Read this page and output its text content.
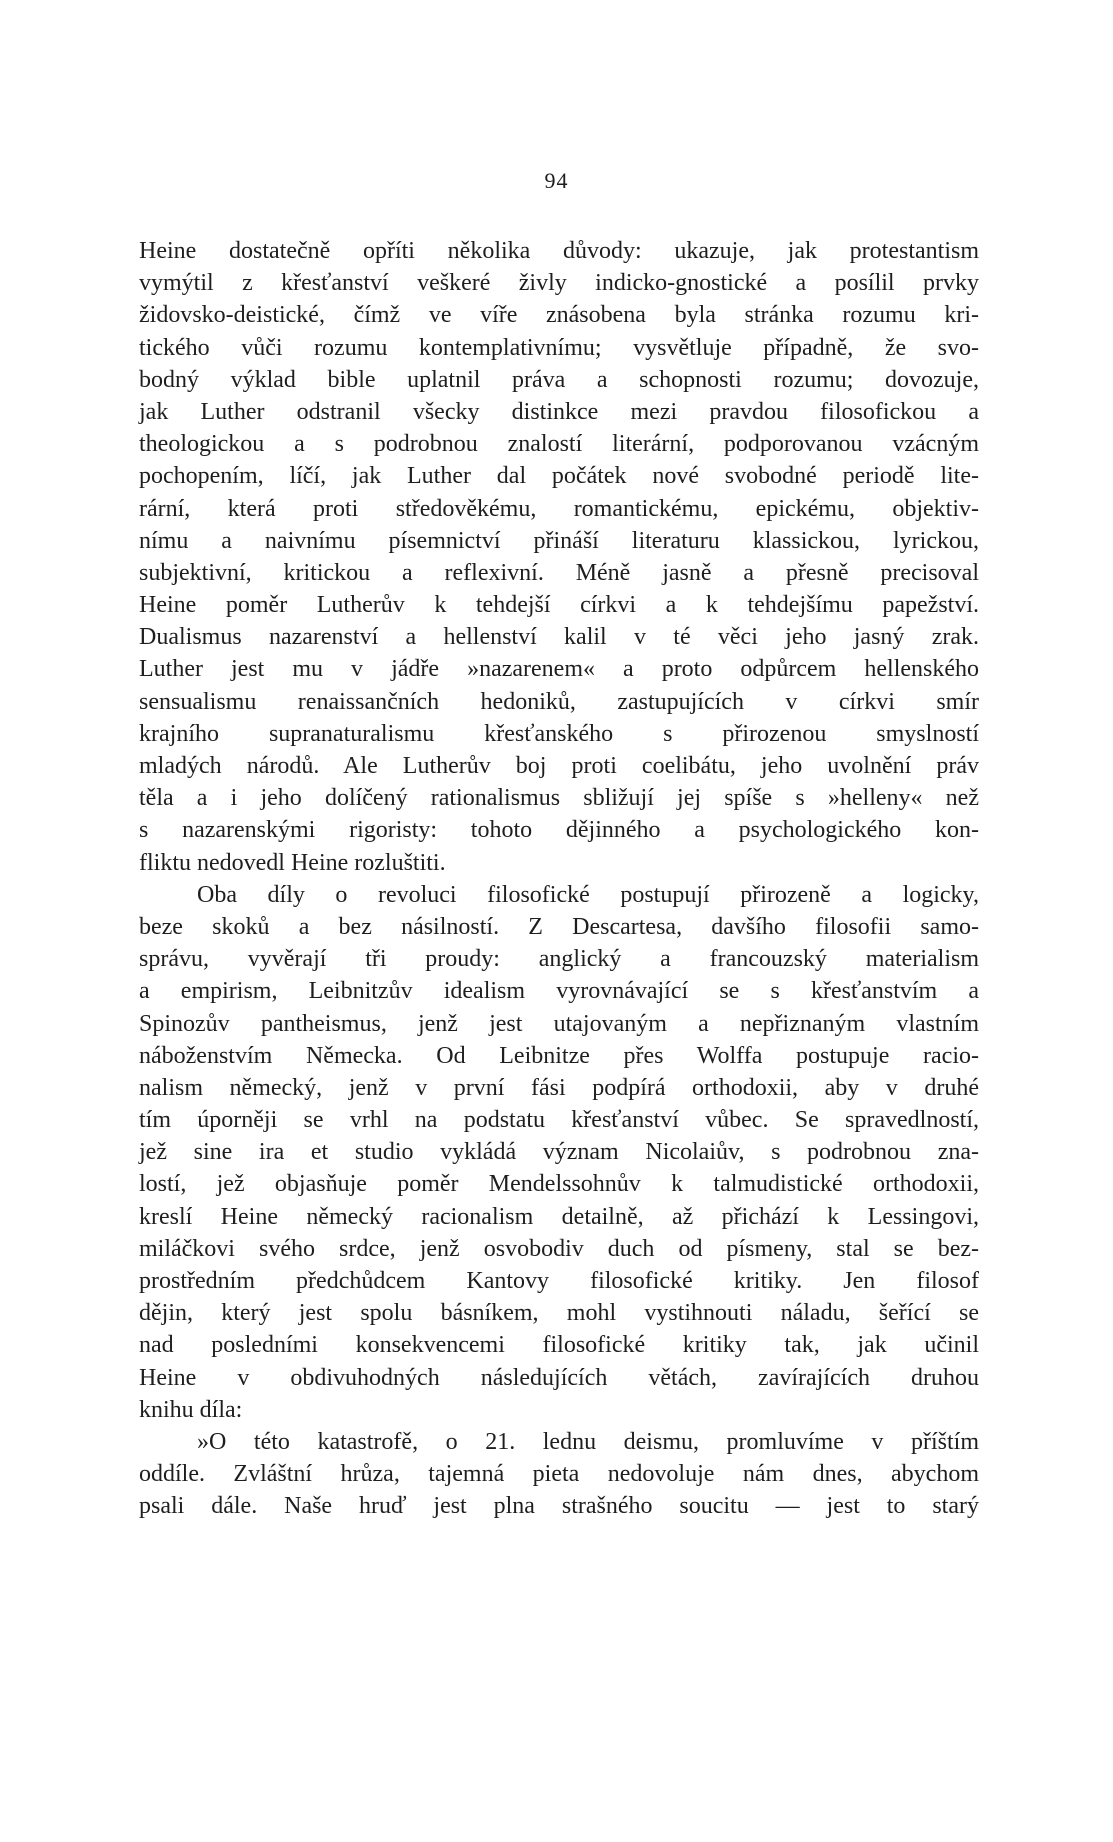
94
Heine dostatečně opříti několika důvody: ukazuje, jak protestantism
vymýtil z křesťanství veškeré živly indicko-gnostické a posílil prvky
židovsko-deistické, čímž ve víře znásobena byla stránka rozumu kri-
tického vůči rozumu kontemplativnímu; vysvětluje případně, že svo-
bodný výklad bible uplatnil práva a schopnosti rozumu; dovozuje,
jak Luther odstranil všecky distinkce mezi pravdou filosofickou a
theologickou a s podrobnou znalostí literární, podporovanou vzácným
pochopením, líčí, jak Luther dal počátek nové svobodné periodě lite-
rární, která proti středověkému, romantickému, epickému, objektiv-
nímu a naivnímu písemnictví přináší literaturu klassickou, lyrickou,
subjektivní, kritickou a reflexivní. Méně jasně a přesně precisoval
Heine poměr Lutherův k tehdejší církvi a k tehdejšímu papežství.
Dualismus nazarenství a hellenství kalil v té věci jeho jasný zrak.
Luther jest mu v jádře »nazarenem« a proto odpůrcem hellenského
sensualismu renaissančních hedoniků, zastupujících v církvi smír
krajního supranaturalismu křesťanského s přirozenou smyslností
mladých národů. Ale Lutherův boj proti coelibátu, jeho uvolnění práv
těla a i jeho dolíčený rationalismus sbližují jej spíše s »helleny« než
s nazarenskými rigoristy: tohoto dějinného a psychologického kon-
fliktu nedovedl Heine rozluštiti.
Oba díly o revoluci filosofické postupují přirozeně a logicky,
beze skoků a bez násilností. Z Descartesa, davšího filosofii samo-
správu, vyvěrají tři proudy: anglický a francouzský materialism
a empirism, Leibnitzův idealism vyrovnávající se s křesťanstvím a
Spinozův pantheismus, jenž jest utajovaným a nepřiznaným vlastním
náboženstvím Německa. Od Leibnitze přes Wolffa postupuje racio-
nalism německý, jenž v první fási podpírá orthodoxii, aby v druhé
tím úporněji se vrhl na podstatu křesťanství vůbec. Se spravedlností,
jež sine ira et studio vykládá význam Nicolaiův, s podrobnou zna-
lostí, jež objasňuje poměr Mendelssohnův k talmudistické orthodoxii,
kreslí Heine německý racionalism detailně, až přichází k Lessingovi,
miláčkovi svého srdce, jenž osvobodiv duch od písmeny, stal se bez-
prostředním předchůdcem Kantovy filosofické kritiky. Jen filosof
dějin, který jest spolu básníkem, mohl vystihnouti náladu, šeřící se
nad posledními konsekvencemi filosofické kritiky tak, jak učinil
Heine v obdivuhodných následujících větách, zavírajících druhou
knihu díla:
»O této katastrofě, o 21. lednu deismu, promluvíme v příštím
oddíle. Zvláštní hrůza, tajemná pieta nedovoluje nám dnes, abychom
psali dále. Naše hruď jest plna strašného soucitu — jest to starý
